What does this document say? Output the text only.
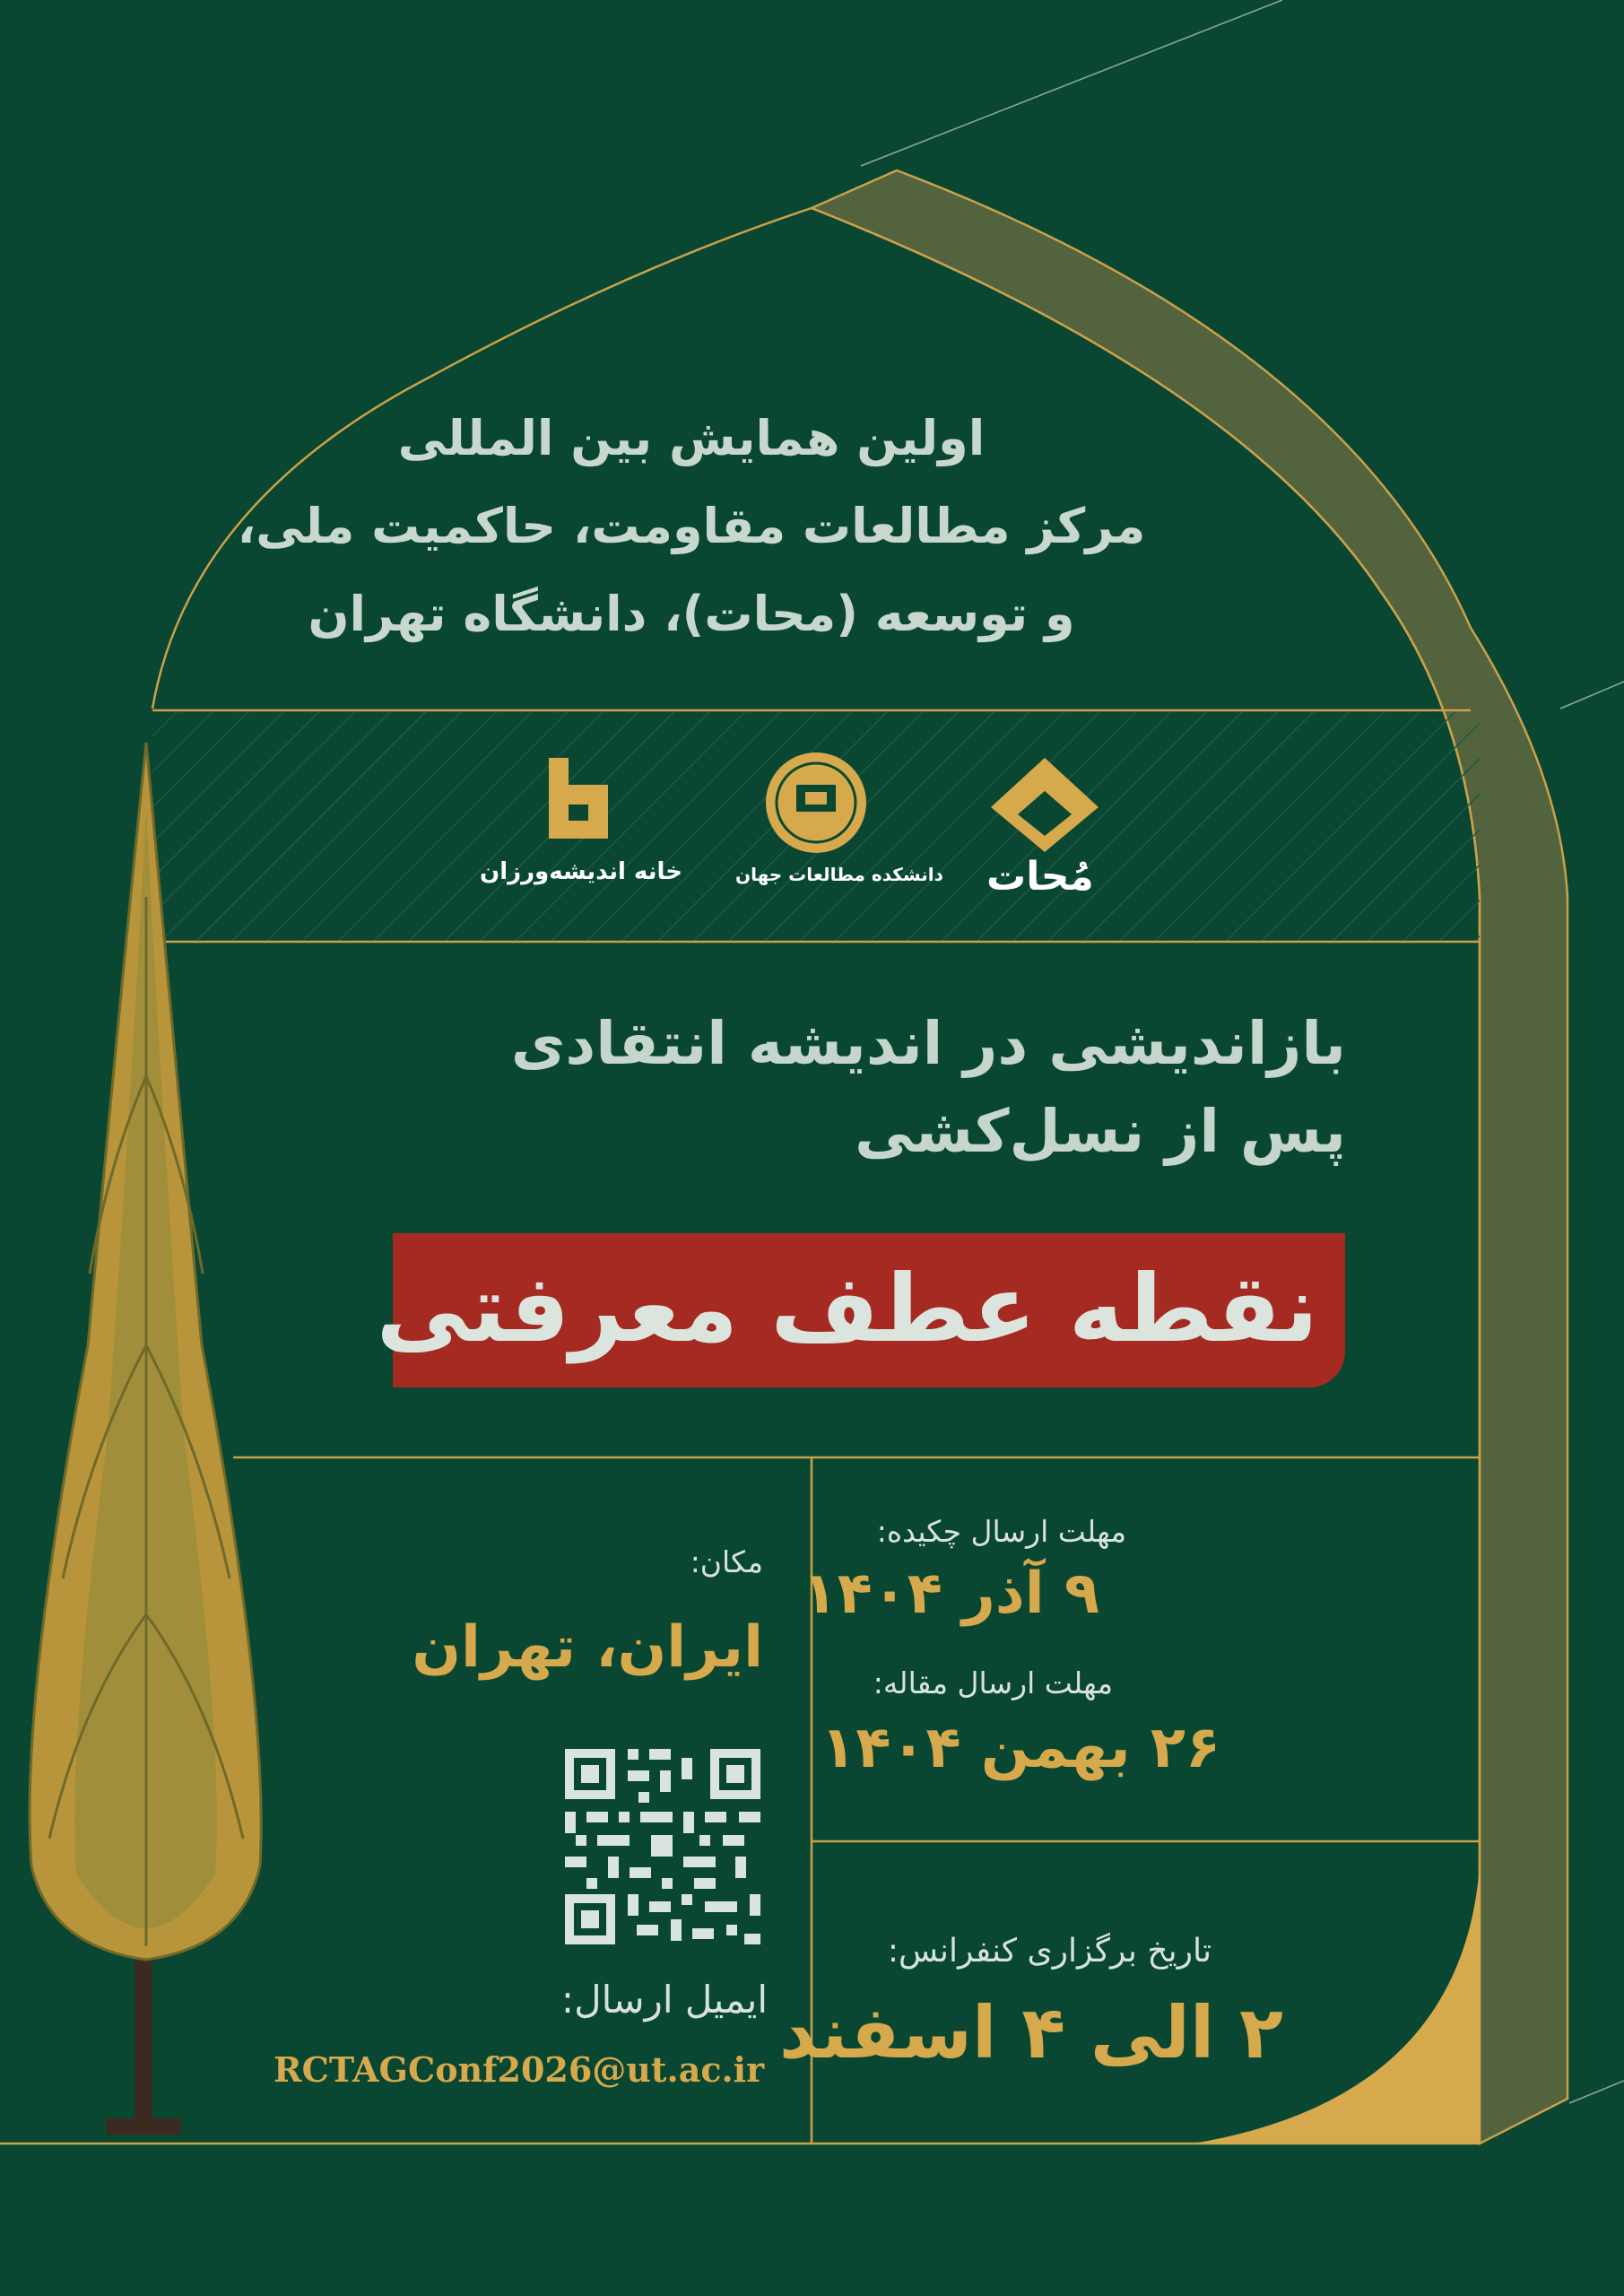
اولین همایش بین المللی
مرکز مطالعات مقاومت، حاکمیت ملی،
و توسعه (محات)، دانشگاه تهران
مُحات
دانشکده مطالعات جهان
خانه اندیشه‌ورزان
بازاندیشی در اندیشه انتقادی
پس از نسل‌کشی
نقطه عطف معرفتی
مکان:
ایران، تهران
ایمیل ارسال:
RCTAGConf2026@ut.ac.ir
مهلت ارسال چکیده:
۹ آذر ۱۴۰۴
مهلت ارسال مقاله:
۲۶ بهمن ۱۴۰۴
تاریخ برگزاری کنفرانس:
۲ الی ۴ اسفند
